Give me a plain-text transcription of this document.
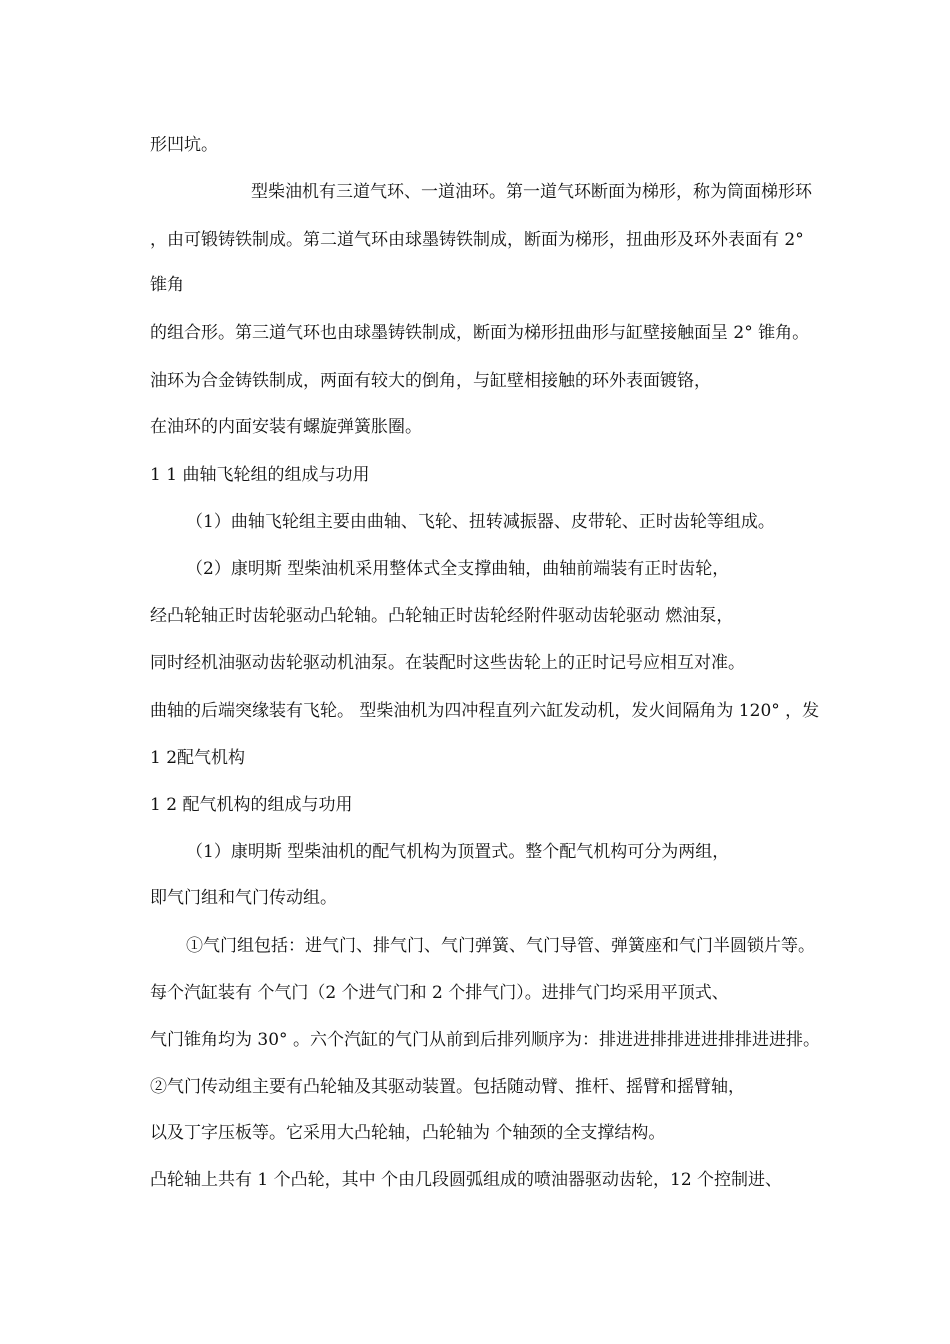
形凹坑。

型柴油机有三道气环、一道油环。第一道气环断面为梯形，称为筒面梯形环

，由可锻铸铁制成。第二道气环由球墨铸铁制成，断面为梯形，扭曲形及环外表面有 2°

锥角

的组合形。第三道气环也由球墨铸铁制成，断面为梯形扭曲形与缸壁接触面呈 2° 锥角。

油环为合金铸铁制成，两面有较大的倒角，与缸壁相接触的环外表面镀铬，

在油环的内面安装有螺旋弹簧胀圈。

1 1 曲轴飞轮组的组成与功用

（1）曲轴飞轮组主要由曲轴、飞轮、扭转减振器、皮带轮、正时齿轮等组成。

（2）康明斯 型柴油机采用整体式全支撑曲轴，曲轴前端装有正时齿轮，

经凸轮轴正时齿轮驱动凸轮轴。凸轮轴正时齿轮经附件驱动齿轮驱动 燃油泵，

同时经机油驱动齿轮驱动机油泵。在装配时这些齿轮上的正时记号应相互对准。

曲轴的后端突缘装有飞轮。 型柴油机为四冲程直列六缸发动机，发火间隔角为 120° ，发

1 2配气机构

1 2 配气机构的组成与功用

（1）康明斯 型柴油机的配气机构为顶置式。整个配气机构可分为两组，

即气门组和气门传动组。

①气门组包括：进气门、排气门、气门弹簧、气门导管、弹簧座和气门半圆锁片等。

每个汽缸装有 个气门（2 个进气门和 2 个排气门）。进排气门均采用平顶式、

气门锥角均为 30° 。六个汽缸的气门从前到后排列顺序为：排进进排排进进排排进进排。

②气门传动组主要有凸轮轴及其驱动装置。包括随动臂、推杆、摇臂和摇臂轴，

以及丁字压板等。它采用大凸轮轴，凸轮轴为 个轴颈的全支撑结构。

凸轮轴上共有 1 个凸轮，其中 个由几段圆弧组成的喷油器驱动齿轮，12 个控制进、
